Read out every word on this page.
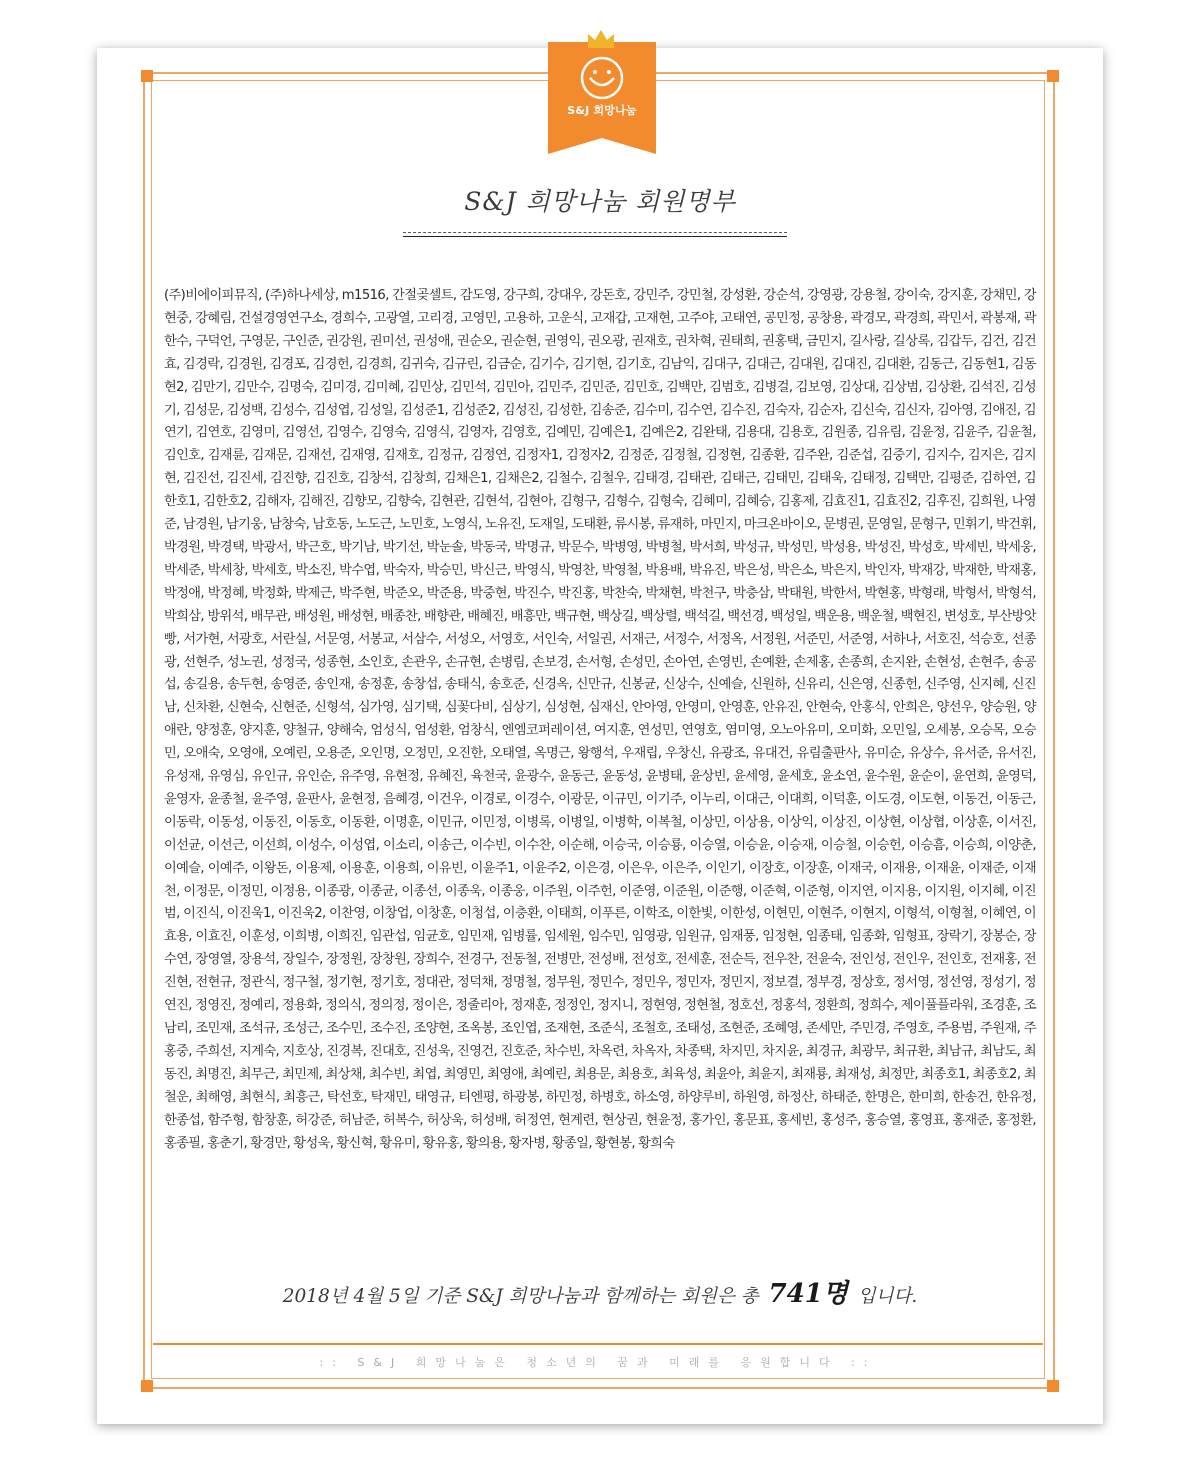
S&J 희망나눔
S&J 희망나눔 회원명부
(주)비에이피뮤직, (주)하나세상, m1516, 간절곶셀트, 감도영, 강구희, 강대우, 강돈호, 강민주, 강민철, 강성환, 강순석, 강영광, 강용철, 강이숙, 강지훈, 강채민, 강현중, 강혜림, 건설경영연구소, 경희수, 고광열, 고리경, 고영민, 고용하, 고운식, 고재갑, 고재현, 고주야, 고태연, 공민정, 공창용, 곽경모, 곽경희, 곽민서, 곽봉재, 곽한수, 구덕언, 구영문, 구인준, 권강원, 권미선, 권성애, 권순오, 권순현, 권영익, 권오광, 권재호, 권차혁, 권태희, 권홍택, 금민지, 길사랑, 길상록, 김갑두, 김건, 김건효, 김경락, 김경원, 김경포, 김경헌, 김경희, 김귀숙, 김규린, 김금순, 김기수, 김기현, 김기호, 김남익, 김대구, 김대근, 김대원, 김대진, 김대환, 김동근, 김동현1, 김동현2, 김만기, 김만수, 김명숙, 김미경, 김미혜, 김민상, 김민석, 김민아, 김민주, 김민준, 김민호, 김백만, 김범호, 김병걸, 김보영, 김상대, 김상범, 김상환, 김석진, 김성기, 김성문, 김성백, 김성수, 김성엽, 김성일, 김성준1, 김성준2, 김성진, 김성한, 김송준, 김수미, 김수연, 김수진, 김숙자, 김순자, 김신숙, 김신자, 김아영, 김애진, 김연기, 김연호, 김영미, 김영선, 김영수, 김영숙, 김영식, 김영자, 김영호, 김예민, 김예은1, 김예은2, 김완태, 김용대, 김용호, 김원종, 김유림, 김윤정, 김윤주, 김윤철, 김인호, 김재륜, 김재문, 김재선, 김재영, 김재호, 김정규, 김정연, 김정자1, 김정자2, 김정준, 김정철, 김정현, 김종환, 김주완, 김준섭, 김중기, 김지수, 김지은, 김지현, 김진선, 김진세, 김진향, 김진호, 김창석, 김창희, 김채은1, 김채은2, 김철수, 김철우, 김태경, 김태관, 김태근, 김태민, 김태욱, 김태정, 김택만, 김평준, 김하연, 김한호1, 김한호2, 김해자, 김해진, 김향모, 김향숙, 김현관, 김현석, 김현아, 김형구, 김형수, 김형숙, 김혜미, 김혜승, 김홍제, 김효진1, 김효진2, 김후진, 김희원, 나영준, 남경원, 남기웅, 남창숙, 남호동, 노도근, 노민호, 노영식, 노유진, 도재일, 도태환, 류시봉, 류재하, 마민지, 마크온바이오, 문병권, 문영일, 문형구, 민휘기, 박건휘, 박경원, 박경택, 박광서, 박근호, 박기남, 박기선, 박눈솔, 박동국, 박명규, 박문수, 박병영, 박병철, 박서희, 박성규, 박성민, 박성용, 박성진, 박성호, 박세빈, 박세웅, 박세준, 박세창, 박세호, 박소진, 박수엽, 박숙자, 박승민, 박신근, 박영식, 박영찬, 박영철, 박용배, 박유진, 박은성, 박은소, 박은지, 박인자, 박재강, 박재한, 박재홍, 박정애, 박정혜, 박정화, 박제근, 박주현, 박준오, 박준용, 박중현, 박진수, 박진홍, 박찬숙, 박채현, 박천구, 박충삼, 박태원, 박한서, 박현홍, 박형래, 박형서, 박형석, 박희삼, 방위석, 배무관, 배성원, 배성현, 배종찬, 배향관, 배혜진, 배흥만, 백규현, 백상길, 백상렬, 백석길, 백선경, 백성일, 백운용, 백운철, 백현진, 변성호, 부산방앗빵, 서가현, 서광호, 서란실, 서문영, 서봉교, 서삼수, 서성오, 서영호, 서인숙, 서일권, 서재근, 서정수, 서정옥, 서정원, 서준민, 서준영, 서하나, 서호진, 석승호, 선종광, 선현주, 성노권, 성정국, 성종현, 소인호, 손관우, 손규현, 손병림, 손보경, 손서형, 손성민, 손아연, 손영빈, 손예환, 손제홍, 손종희, 손지완, 손현성, 손현주, 송공섭, 송길용, 송두현, 송영준, 송인재, 송정훈, 송창섭, 송태식, 송호준, 신경옥, 신만규, 신봉균, 신상수, 신예슬, 신원하, 신유리, 신은영, 신종헌, 신주영, 신지혜, 신진남, 신차환, 신현숙, 신현준, 신형석, 심가영, 심기택, 심꽃다비, 심상기, 심성현, 심재신, 안아영, 안영미, 안영훈, 안유진, 안현숙, 안홍식, 안희은, 양선우, 양승원, 양애란, 양정훈, 양지훈, 양철규, 양해숙, 엄성식, 엄성환, 엄창식, 엔엠코퍼레이션, 여지훈, 연성민, 연영호, 염미영, 오노아유미, 오미화, 오민일, 오세봉, 오승목, 오승민, 오애숙, 오영애, 오예린, 오용준, 오인명, 오정민, 오진한, 오태열, 옥명근, 왕행석, 우재립, 우창신, 유광조, 유대건, 유림출판사, 유미순, 유상수, 유서준, 유서진, 유성재, 유영심, 유인규, 유인순, 유주영, 유현정, 유혜진, 육천국, 윤광수, 윤동근, 윤동성, 윤병태, 윤상빈, 윤세영, 윤세호, 윤소연, 윤수원, 윤순이, 윤연희, 윤영덕, 윤영자, 윤종철, 윤주영, 윤판사, 윤현정, 음혜경, 이건우, 이경로, 이경수, 이광문, 이규민, 이기주, 이누리, 이대근, 이대희, 이덕훈, 이도경, 이도현, 이동건, 이동근, 이동락, 이동성, 이동진, 이동호, 이동환, 이명훈, 이민규, 이민정, 이병록, 이병일, 이병학, 이복철, 이상민, 이상용, 이상익, 이상진, 이상현, 이상협, 이상훈, 이서진, 이선균, 이선근, 이선희, 이성수, 이성엽, 이소리, 이송근, 이수빈, 이수찬, 이순해, 이승국, 이승룡, 이승열, 이승윤, 이승재, 이승철, 이승헌, 이승흠, 이승희, 이양춘, 이예슬, 이예주, 이왕돈, 이용제, 이용훈, 이용희, 이유빈, 이윤주1, 이윤주2, 이은경, 이은우, 이은주, 이인기, 이장호, 이장훈, 이재국, 이재용, 이재윤, 이재준, 이재천, 이정문, 이정민, 이정용, 이종광, 이종균, 이종선, 이종욱, 이종웅, 이주원, 이주헌, 이준영, 이준원, 이준행, 이준혁, 이준형, 이지연, 이지용, 이지원, 이지혜, 이진범, 이진식, 이진욱1, 이진욱2, 이찬영, 이창업, 이창훈, 이청섭, 이충환, 이태희, 이푸른, 이학조, 이한빛, 이한성, 이현민, 이현주, 이현지, 이형석, 이형철, 이혜연, 이효용, 이효진, 이훈성, 이희병, 이희진, 임관섭, 임균호, 임민재, 임병률, 임세원, 임수민, 임영광, 임원규, 임재풍, 임정현, 임종태, 임종화, 임형표, 장락기, 장봉순, 장수연, 장영열, 장용석, 장일수, 장정원, 장창원, 장희수, 전경구, 전동철, 전병만, 전성배, 전성호, 전세훈, 전순득, 전우찬, 전윤숙, 전인성, 전인우, 전인호, 전재홍, 전진현, 전현규, 정관식, 정구철, 정기현, 정기호, 정대관, 정덕채, 정명철, 정무원, 정민수, 정민우, 정민자, 정민지, 정보결, 정부경, 정상호, 정서영, 정선영, 정성기, 정연진, 정영진, 정예리, 정용화, 정의식, 정의정, 정이은, 정줄리아, 정재훈, 정정인, 정지니, 정현영, 정현철, 정호선, 정홍석, 정환희, 정희수, 제이풀플라워, 조경훈, 조남리, 조민재, 조석규, 조성근, 조수민, 조수진, 조양현, 조옥봉, 조인엽, 조재현, 조준식, 조철호, 조태성, 조현준, 조혜영, 존세만, 주민경, 주영호, 주용범, 주원재, 주홍중, 주희선, 지계숙, 지호상, 진경복, 진대호, 진성욱, 진영건, 진호준, 차수빈, 차옥련, 차옥자, 차종택, 차지민, 차지윤, 최경규, 최광무, 최규환, 최남규, 최남도, 최동진, 최명진, 최무근, 최민제, 최상채, 최수빈, 최엽, 최영민, 최영애, 최예린, 최용문, 최용호, 최육성, 최윤아, 최윤지, 최재룡, 최재성, 최정만, 최종호1, 최종호2, 최철운, 최해영, 최현식, 최흥근, 탁선호, 탁재민, 태영규, 티엔평, 하광봉, 하민정, 하병호, 하소영, 하양루비, 하원영, 하정산, 하태준, 한명은, 한미희, 한송건, 한유정, 한종섭, 함주형, 함창훈, 허강준, 허남준, 허복수, 허상욱, 허성배, 허정연, 현계련, 현상권, 현윤정, 홍가인, 홍문표, 홍세빈, 홍성주, 홍승열, 홍영표, 홍재준, 홍정환, 홍종필, 홍춘기, 황경만, 황성욱, 황신혁, 황유미, 황유홍, 황의용, 황자병, 황종일, 황현봉, 황희숙
2018년 4월 5일 기준 S&J 희망나눔과 함께하는 회원은 총 741명 입니다.
:: S&J 희망나눔은 청소년의 꿈과 미래를 응원합니다 ::
